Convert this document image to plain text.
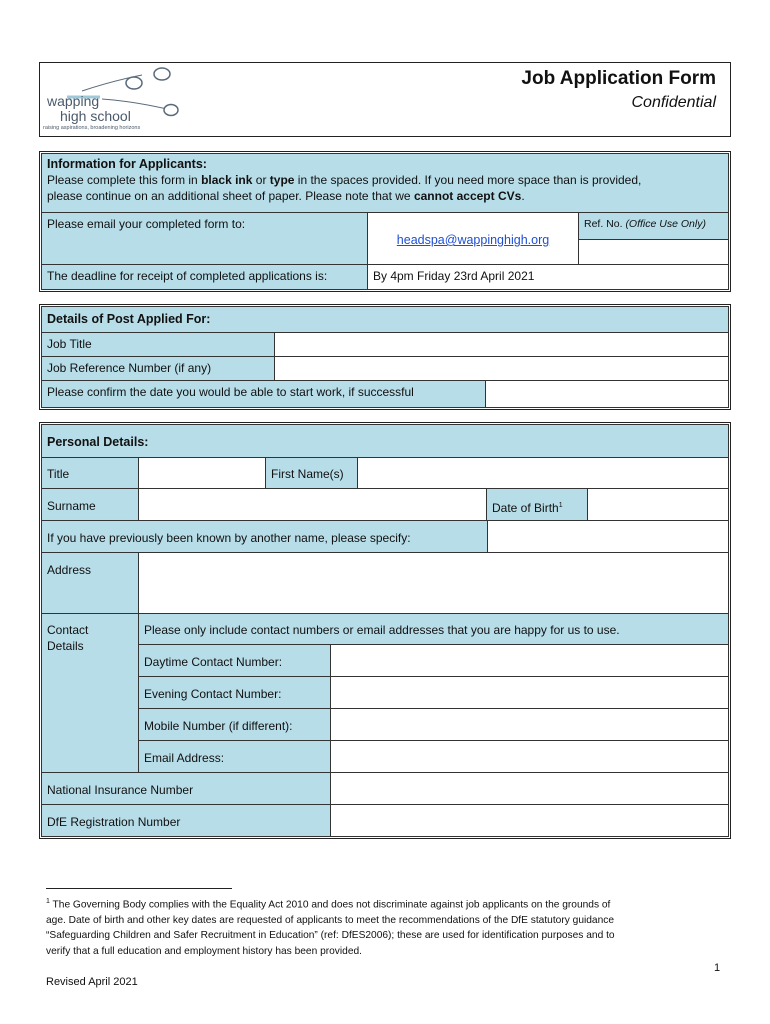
wapping
high school
raising aspirations, broadening horizons
Job Application Form
Confidential
Information for Applicants:
Please complete this form in black ink or type in the spaces provided. If you need more space than is provided,
please continue on an additional sheet of paper. Please note that we cannot accept CVs.
Please email your completed form to:
headspa@wappinghigh.org
Ref. No. (Office Use Only)
The deadline for receipt of completed applications is:	By 4pm Friday 23rd April 2021
Details of Post Applied For:
Job Title
Job Reference Number (if any)
Please confirm the date you would be able to start work, if successful
Personal Details:
Title	First Name(s)
Surname	Date of Birth$^1$
If you have previously been known by another name, please specify:
Address
Contact
Details
Please only include contact numbers or email addresses that you are happy for us to use.
Daytime Contact Number:
Evening Contact Number:
Mobile Number (if different):
Email Address:
National Insurance Number
DfE Registration Number
$^1$ The Governing Body complies with the Equality Act 2010 and does not discriminate against job applicants on the grounds of
age. Date of birth and other key dates are requested of applicants to meet the recommendations of the DfE statutory guidance
“Safeguarding Children and Safer Recruitment in Education” (ref: DfES2006); these are used for identification purposes and to
verify that a full education and employment history has been provided.
1
Revised April 2021
